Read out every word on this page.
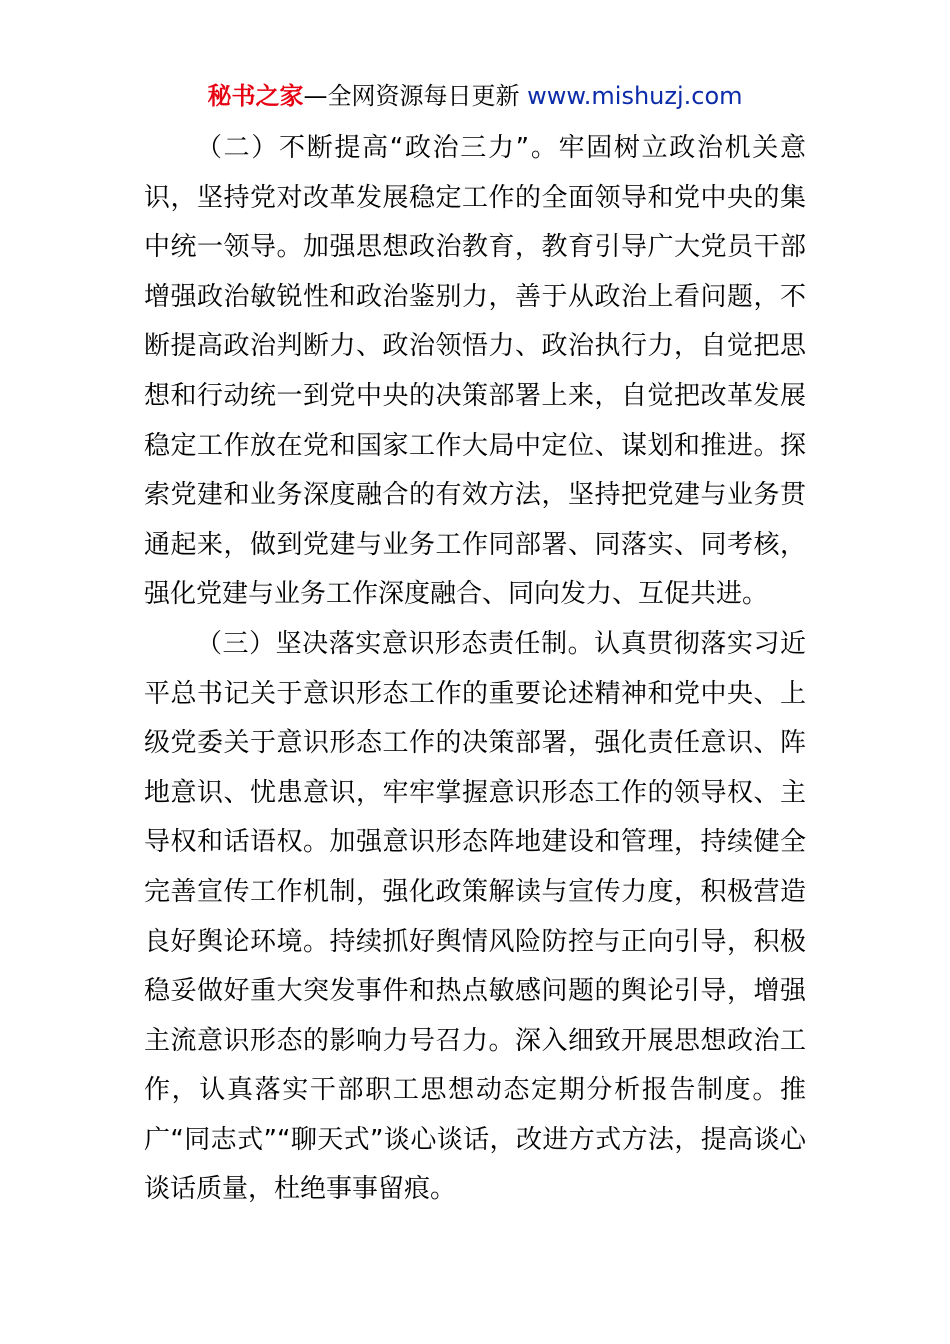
秘书之家—全网资源每日更新 www.mishuzj.com

（二）不断提高“政治三力”。牢固树立政治机关意识，坚持党对改革发展稳定工作的全面领导和党中央的集中统一领导。加强思想政治教育，教育引导广大党员干部增强政治敏锐性和政治鉴别力，善于从政治上看问题，不断提高政治判断力、政治领悟力、政治执行力，自觉把思想和行动统一到党中央的决策部署上来，自觉把改革发展稳定工作放在党和国家工作大局中定位、谋划和推进。探索党建和业务深度融合的有效方法，坚持把党建与业务贯通起来，做到党建与业务工作同部署、同落实、同考核，强化党建与业务工作深度融合、同向发力、互促共进。

（三）坚决落实意识形态责任制。认真贯彻落实习近平总书记关于意识形态工作的重要论述精神和党中央、上级党委关于意识形态工作的决策部署，强化责任意识、阵地意识、忧患意识，牢牢掌握意识形态工作的领导权、主导权和话语权。加强意识形态阵地建设和管理，持续健全完善宣传工作机制，强化政策解读与宣传力度，积极营造良好舆论环境。持续抓好舆情风险防控与正向引导，积极稳妥做好重大突发事件和热点敏感问题的舆论引导，增强主流意识形态的影响力号召力。深入细致开展思想政治工作，认真落实干部职工思想动态定期分析报告制度。推广“同志式”“聊天式”谈心谈话，改进方式方法，提高谈心谈话质量，杜绝事事留痕。
